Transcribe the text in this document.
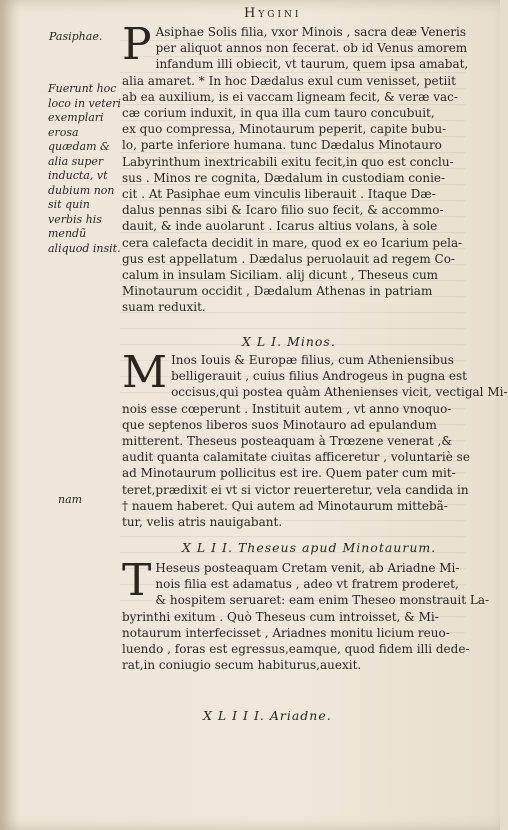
Hygini
Pasiphae.
Fuerunt hoc loco in veteri exemplari erosa quædam & alia super inducta, vt dubium non sit quin verbis his mendũ aliquod insit.
nam
P Asiphae Solis filia, vxor Minois , sacra deæ Veneris
per aliquot annos non fecerat. ob id Venus amorem
infandum illi obiecit, vt taurum, quem ipsa amabat,
alia amaret. * In hoc Dædalus exul cum venisset, petiit
ab ea auxilium, is ei vaccam ligneam fecit, & veræ vac-
cæ corium induxit, in qua illa cum tauro concubuit,
ex quo compressa, Minotaurum peperit, capite bubu-
lo, parte inferiore humana. tunc Dædalus Minotauro
Labyrinthum inextricabili exitu fecit,in quo est conclu-
sus . Minos re cognita, Dædalum in custodiam conie-
cit . At Pasiphae eum vinculis liberauit . Itaque Dæ-
dalus pennas sibi & Icaro filio suo fecit, & accommo-
dauit, & inde auolarunt . Icarus altius volans, à sole
cera calefacta decidit in mare, quod ex eo Icarium pela-
gus est appellatum . Dædalus peruolauit ad regem Co-
calum in insulam Siciliam. alij dicunt , Theseus cum
Minotaurum occidit , Dædalum Athenas in patriam
suam reduxit.
X L I. Minos.
M Inos Iouis & Europæ filius, cum Atheniensibus
belligerauit , cuius filius Androgeus in pugna est
occisus,qui postea quàm Athenienses vicit, vectigal Mi-
nois esse cœperunt . Instituit autem , vt anno vnoquo-
que septenos liberos suos Minotauro ad epulandum
mitterent. Theseus posteaquam à Trœzene venerat ,&
audit quanta calamitate ciuitas afficeretur , voluntariè se
ad Minotaurum pollicitus est ire. Quem pater cum mit-
teret,prædixit ei vt si victor reuerteretur, vela candida in
† nauem haberet. Qui autem ad Minotaurum mittebã-
tur, velis atris nauigabant.
X L I I. Theseus apud Minotaurum.
T Heseus posteaquam Cretam venit, ab Ariadne Mi-
nois filia est adamatus , adeo vt fratrem proderet,
& hospitem seruaret: eam enim Theseo monstrauit La-
byrinthi exitum . Quò Theseus cum introisset, & Mi-
notaurum interfecisset , Ariadnes monitu licium reuo-
luendo , foras est egressus,eamque, quod fidem illi dede-
rat,in coniugio secum habiturus,auexit.
X L I I I. Ariadne.
